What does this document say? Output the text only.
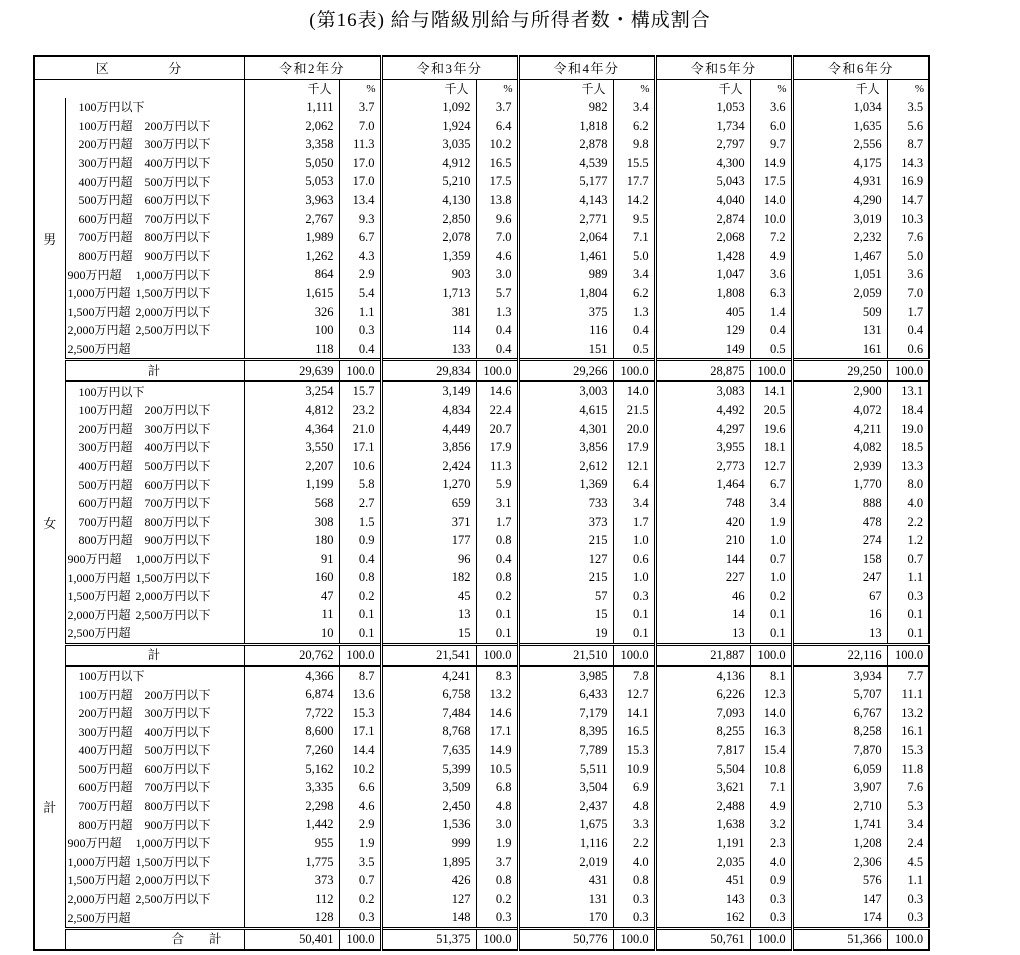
(第16表) 給与階級別給与所得者数・構成割合
区　　　　分		令和2年分		令和3年分		令和4年分		令和5年分		令和6年分	
		千人	%	千人	%	千人	%	千人	%	千人	%
男	100万円以下	1,111	3.7	1,092	3.7	982	3.4	1,053	3.6	1,034	3.5

	100万円超 200万円以下	2,062	7.0	1,924	6.4	1,818	6.2	1,734	6.0	1,635	5.6

	200万円超 300万円以下	3,358	11.3	3,035	10.2	2,878	9.8	2,797	9.7	2,556	8.7

	300万円超 400万円以下	5,050	17.0	4,912	16.5	4,539	15.5	4,300	14.9	4,175	14.3

	400万円超 500万円以下	5,053	17.0	5,210	17.5	5,177	17.7	5,043	17.5	4,931	16.9

	500万円超 600万円以下	3,963	13.4	4,130	13.8	4,143	14.2	4,040	14.0	4,290	14.7

	600万円超 700万円以下	2,767	9.3	2,850	9.6	2,771	9.5	2,874	10.0	3,019	10.3

	700万円超 800万円以下	1,989	6.7	2,078	7.0	2,064	7.1	2,068	7.2	2,232	7.6

	800万円超 900万円以下	1,262	4.3	1,359	4.6	1,461	5.0	1,428	4.9	1,467	5.0

	900万円超 1,000万円以下	864	2.9	903	3.0	989	3.4	1,047	3.6	1,051	3.6

	1,000万円超 1,500万円以下	1,615	5.4	1,713	5.7	1,804	6.2	1,808	6.3	2,059	7.0

	1,500万円超 2,000万円以下	326	1.1	381	1.3	375	1.3	405	1.4	509	1.7

	2,000万円超 2,500万円以下	100	0.3	114	0.4	116	0.4	129	0.4	131	0.4

	2,500万円超	118	0.4	133	0.4	151	0.5	149	0.5	161	0.6
	計	29,639	100.0	29,834	100.0	29,266	100.0	28,875	100.0	29,250	100.0
女	100万円以下	3,254	15.7	3,149	14.6	3,003	14.0	3,083	14.1	2,900	13.1

	100万円超 200万円以下	4,812	23.2	4,834	22.4	4,615	21.5	4,492	20.5	4,072	18.4

	200万円超 300万円以下	4,364	21.0	4,449	20.7	4,301	20.0	4,297	19.6	4,211	19.0

	300万円超 400万円以下	3,550	17.1	3,856	17.9	3,856	17.9	3,955	18.1	4,082	18.5

	400万円超 500万円以下	2,207	10.6	2,424	11.3	2,612	12.1	2,773	12.7	2,939	13.3

	500万円超 600万円以下	1,199	5.8	1,270	5.9	1,369	6.4	1,464	6.7	1,770	8.0

	600万円超 700万円以下	568	2.7	659	3.1	733	3.4	748	3.4	888	4.0

	700万円超 800万円以下	308	1.5	371	1.7	373	1.7	420	1.9	478	2.2

	800万円超 900万円以下	180	0.9	177	0.8	215	1.0	210	1.0	274	1.2

	900万円超 1,000万円以下	91	0.4	96	0.4	127	0.6	144	0.7	158	0.7

	1,000万円超 1,500万円以下	160	0.8	182	0.8	215	1.0	227	1.0	247	1.1

	1,500万円超 2,000万円以下	47	0.2	45	0.2	57	0.3	46	0.2	67	0.3

	2,000万円超 2,500万円以下	11	0.1	13	0.1	15	0.1	14	0.1	16	0.1

	2,500万円超	10	0.1	15	0.1	19	0.1	13	0.1	13	0.1
	計	20,762	100.0	21,541	100.0	21,510	100.0	21,887	100.0	22,116	100.0
計	100万円以下	4,366	8.7	4,241	8.3	3,985	7.8	4,136	8.1	3,934	7.7

	100万円超 200万円以下	6,874	13.6	6,758	13.2	6,433	12.7	6,226	12.3	5,707	11.1

	200万円超 300万円以下	7,722	15.3	7,484	14.6	7,179	14.1	7,093	14.0	6,767	13.2

	300万円超 400万円以下	8,600	17.1	8,768	17.1	8,395	16.5	8,255	16.3	8,258	16.1

	400万円超 500万円以下	7,260	14.4	7,635	14.9	7,789	15.3	7,817	15.4	7,870	15.3

	500万円超 600万円以下	5,162	10.2	5,399	10.5	5,511	10.9	5,504	10.8	6,059	11.8

	600万円超 700万円以下	3,335	6.6	3,509	6.8	3,504	6.9	3,621	7.1	3,907	7.6

	700万円超 800万円以下	2,298	4.6	2,450	4.8	2,437	4.8	2,488	4.9	2,710	5.3

	800万円超 900万円以下	1,442	2.9	1,536	3.0	1,675	3.3	1,638	3.2	1,741	3.4

	900万円超 1,000万円以下	955	1.9	999	1.9	1,116	2.2	1,191	2.3	1,208	2.4

	1,000万円超 1,500万円以下	1,775	3.5	1,895	3.7	2,019	4.0	2,035	4.0	2,306	4.5

	1,500万円超 2,000万円以下	373	0.7	426	0.8	431	0.8	451	0.9	576	1.1

	2,000万円超 2,500万円以下	112	0.2	127	0.2	131	0.3	143	0.3	147	0.3

	2,500万円超	128	0.3	148	0.3	170	0.3	162	0.3	174	0.3
	合　　計	50,401	100.0	51,375	100.0	50,776	100.0	50,761	100.0	51,366	100.0
